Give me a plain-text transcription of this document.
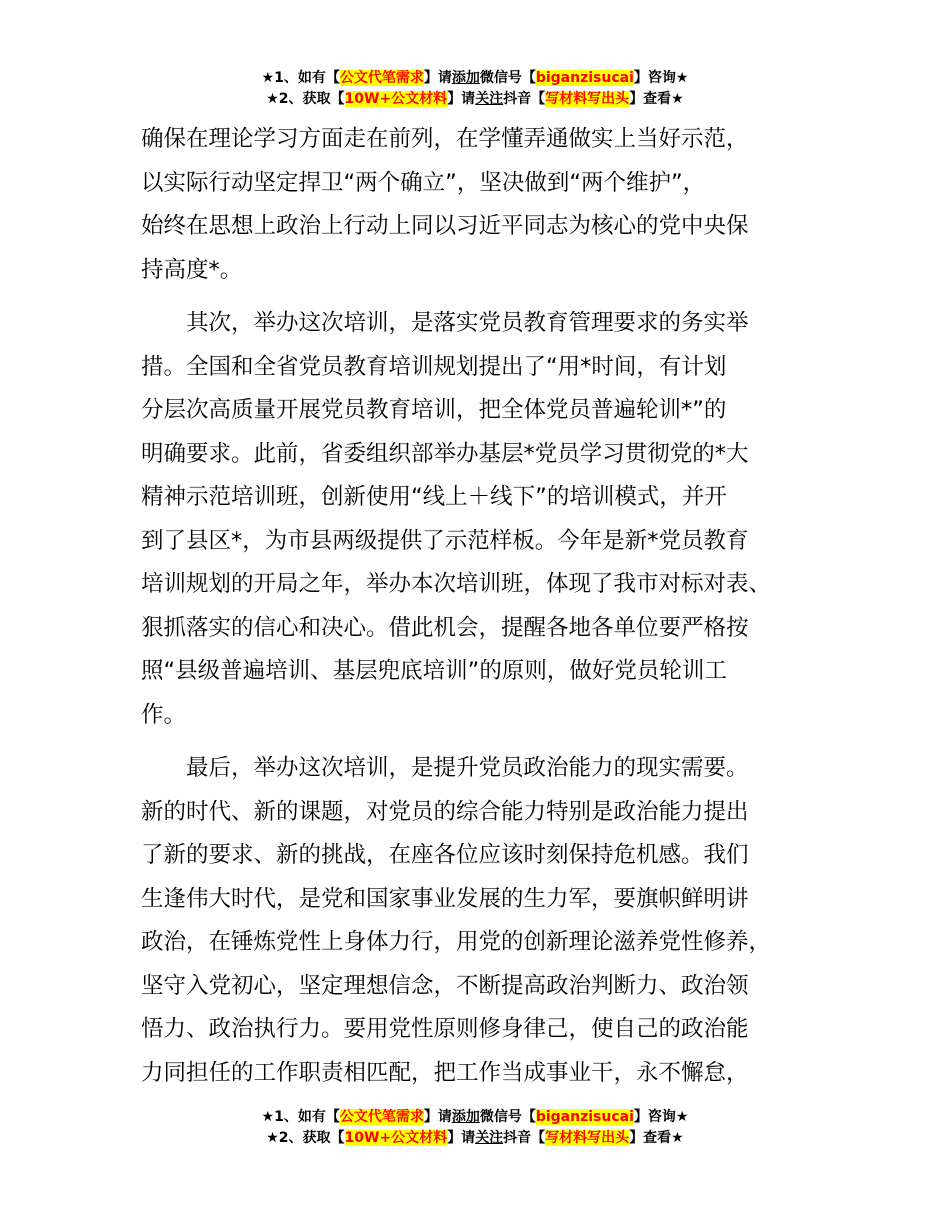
★1、如有【公文代笔需求】请添加微信号【biganzisucai】咨询★
★2、获取【10W+公文材料】请关注抖音【写材料写出头】查看★

确保在理论学习方面走在前列，在学懂弄通做实上当好示范，
以实际行动坚定捍卫“两个确立”，坚决做到“两个维护”，
始终在思想上政治上行动上同以习近平同志为核心的党中央保
持高度*。

　　其次，举办这次培训，是落实党员教育管理要求的务实举
措。全国和全省党员教育培训规划提出了“用*时间，有计划
分层次高质量开展党员教育培训，把全体党员普遍轮训*”的
明确要求。此前，省委组织部举办基层*党员学习贯彻党的*大
精神示范培训班，创新使用“线上＋线下”的培训模式，并开
到了县区*，为市县两级提供了示范样板。今年是新*党员教育
培训规划的开局之年，举办本次培训班，体现了我市对标对表、
狠抓落实的信心和决心。借此机会，提醒各地各单位要严格按
照“县级普遍培训、基层兜底培训”的原则，做好党员轮训工
作。

　　最后，举办这次培训，是提升党员政治能力的现实需要。
新的时代、新的课题，对党员的综合能力特别是政治能力提出
了新的要求、新的挑战，在座各位应该时刻保持危机感。我们
生逢伟大时代，是党和国家事业发展的生力军，要旗帜鲜明讲
政治，在锤炼党性上身体力行，用党的创新理论滋养党性修养，
坚守入党初心，坚定理想信念，不断提高政治判断力、政治领
悟力、政治执行力。要用党性原则修身律己，使自己的政治能
力同担任的工作职责相匹配，把工作当成事业干，永不懈怠，

★1、如有【公文代笔需求】请添加微信号【biganzisucai】咨询★
★2、获取【10W+公文材料】请关注抖音【写材料写出头】查看★
